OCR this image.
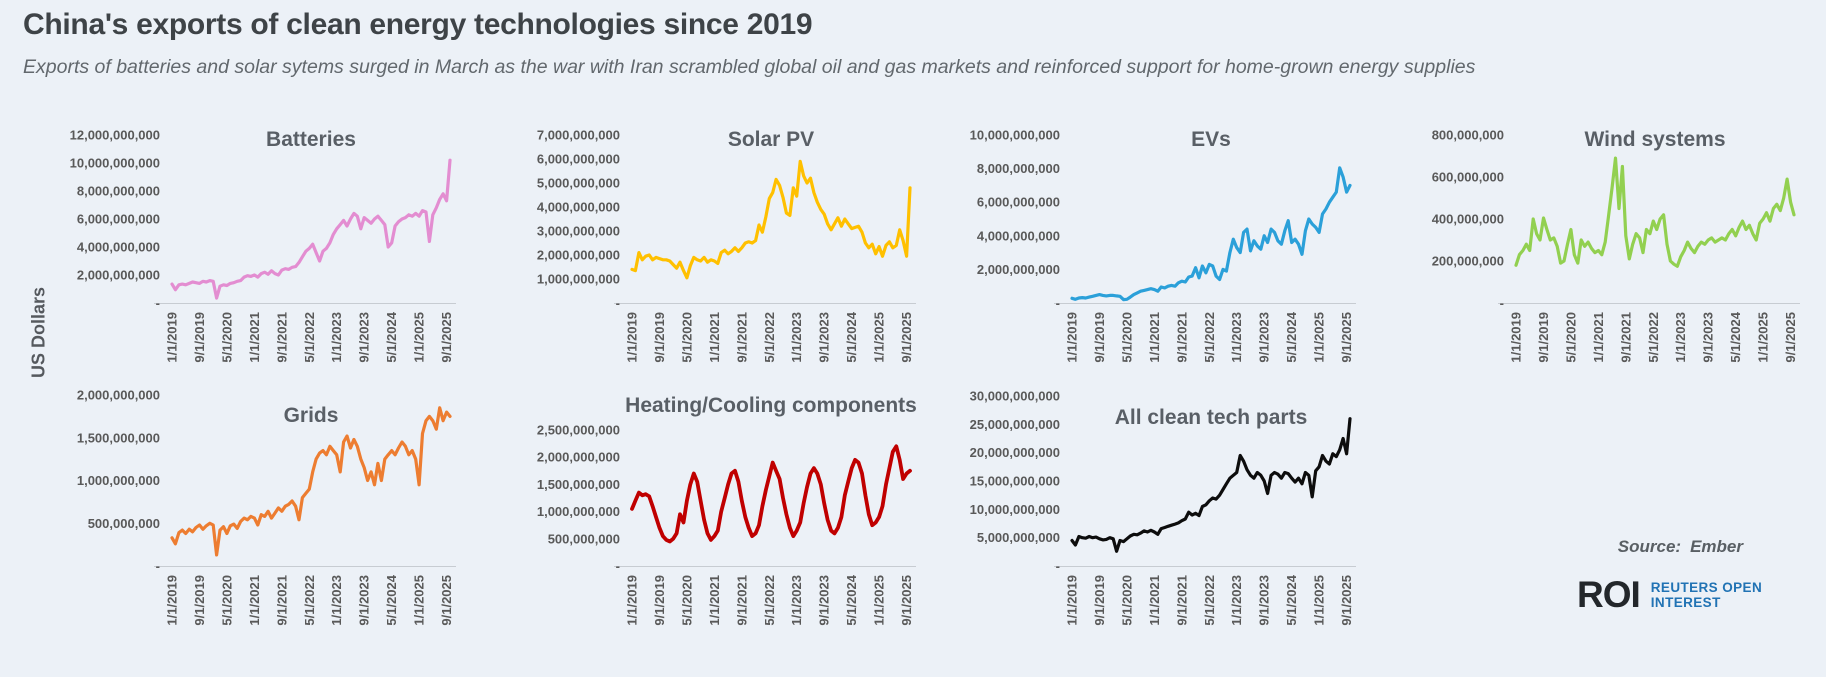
China's exports of clean energy technologies since 2019
Exports of batteries and solar sytems surged in March as the war with Iran scrambled global oil and gas markets and reinforced support for home-grown energy supplies
US Dollars
12,000,000,000
10,000,000,000
8,000,000,000
6,000,000,000
4,000,000,000
2,000,000,000
-
1/1/2019 9/1/2019 5/1/2020 1/1/2021 9/1/2021 5/1/2022 1/1/2023 9/1/2023 5/1/2024 1/1/2025 9/1/2025
Batteries	7,000,000,000
6,000,000,000
5,000,000,000
4,000,000,000
3,000,000,000
2,000,000,000
1,000,000,000
-
1/1/2019 9/1/2019 5/1/2020 1/1/2021 9/1/2021 5/1/2022 1/1/2023 9/1/2023 5/1/2024 1/1/2025 9/1/2025
Solar PV	10,000,000,000
8,000,000,000
6,000,000,000
4,000,000,000
2,000,000,000
-
1/1/2019 9/1/2019 5/1/2020 1/1/2021 9/1/2021 5/1/2022 1/1/2023 9/1/2023 5/1/2024 1/1/2025 9/1/2025
EVs	800,000,000
600,000,000
400,000,000
200,000,000
-
1/1/2019 9/1/2019 5/1/2020 1/1/2021 9/1/2021 5/1/2022 1/1/2023 9/1/2023 5/1/2024 1/1/2025 9/1/2025
Wind systems
2,000,000,000
1,500,000,000
1,000,000,000
500,000,000
-
1/1/2019 9/1/2019 5/1/2020 1/1/2021 9/1/2021 5/1/2022 1/1/2023 9/1/2023 5/1/2024 1/1/2025 9/1/2025
Grids
2,500,000,000
2,000,000,000
1,500,000,000
1,000,000,000
500,000,000
-
1/1/2019 9/1/2019 5/1/2020 1/1/2021 9/1/2021 5/1/2022 1/1/2023 9/1/2023 5/1/2024 1/1/2025 9/1/2025
Heating/Cooling components	30,000,000,000
25,000,000,000
20,000,000,000
15,000,000,000
10,000,000,000
5,000,000,000
-
1/1/2019 9/1/2019 5/1/2020 1/1/2021 9/1/2021 5/1/2022 1/1/2023 9/1/2023 5/1/2024 1/1/2025 9/1/2025
All clean tech parts
Source: Ember
ROI REUTERS OPEN
INTEREST
